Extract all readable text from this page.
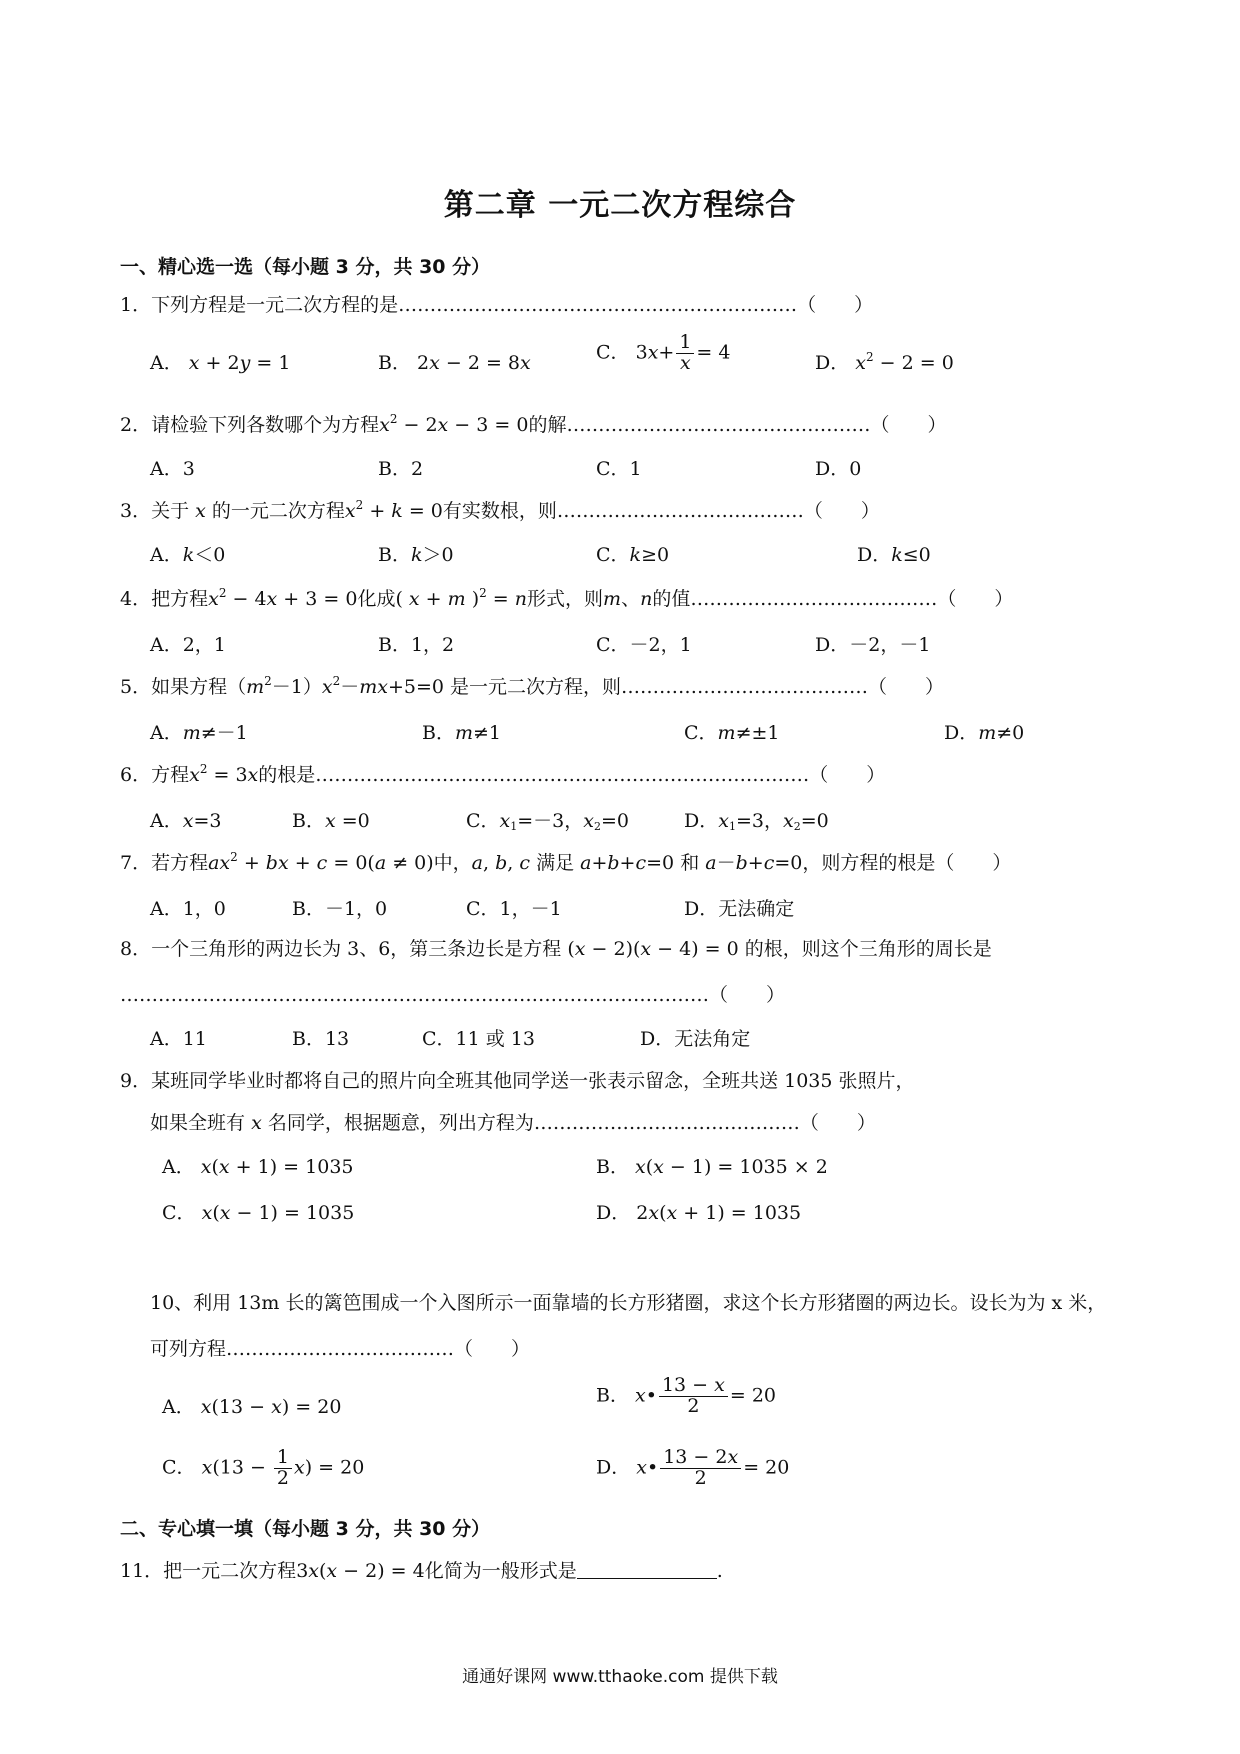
第二章 一元二次方程综合
一、精心选一选（每小题 3 分，共 30 分）
1．下列方程是一元二次方程的是………………………………………………………（　　）
A． x + 2y = 1	B． 2x − 2 = 8x	C． $3x+ \frac{1}{x} = 4$	D． $x^2 - 2 = 0$
2．请检验下列各数哪个为方程$x^2 - 2x - 3 = 0$的解…………………………………………（　　）
A．3	B．2	C．1	D．0
3．关于 x 的一元二次方程$x^2 + k = 0$有实数根，则…………………………………（　　）
A．k＜0	B．k＞0	C．k≥0	D．k≤0
4．把方程$x^2 - 4x + 3 = 0$化成( x + m )$^2$ = n形式，则m、n的值…………………………………（　　）
A．2，1	B．1，2	C．－2，1	D．－2，－1
5．如果方程$(m^2-1)x^2-mx+5=0$ 是一元二次方程，则…………………………………（　　）
A．m≠－1	B．m≠1	C．m≠±1	D．m≠0
6．方程$x^2 = 3x$的根是……………………………………………………………………（　　）
A．x=3	B．x =0	C．$x_1=-3$，$x_2=0$	D．$x_1=3$，$x_2=0$
7．若方程$ax^2$ + bx + c = 0(a ≠ 0)中，a, b, c 满足 a+b+c=0 和 a－b+c=0，则方程的根是（　　）
A．1，0	B．－1，0	C．1，－1	D．无法确定
8．一个三角形的两边长为 3、6，第三条边长是方程 (x − 2)(x − 4) = 0 的根，则这个三角形的周长是 …………………………………………………………………………………（　　）
A．11	B．13	C．11 或 13	D．无法角定
9．某班同学毕业时都将自己的照片向全班其他同学送一张表示留念，全班共送 1035 张照片，
如果全班有 x 名同学，根据题意，列出方程为……………………………………（　　）
A． x(x + 1) = 1035	B． x(x − 1) = 1035 × 2
C． x(x − 1) = 1035	D． 2x(x + 1) = 1035
10、利用 13m 长的篱笆围成一个入图所示一面靠墙的长方形猪圈，求这个长方形猪圈的两边长。设长为为 x 米，可列方程………………………………（　　）
A． x(13 − x) = 20
B． x• $\frac{13 - x}{2} = 20$
C． $x(13 - \frac{1}{2} x) = 20$	D． x• $\frac{13 - 2x}{2} = 20$
二、专心填一填（每小题 3 分，共 30 分）
11．把一元二次方程3x(x − 2) = 4化简为一般形式是	.
通通好课网 www.tthaoke.com 提供下载
